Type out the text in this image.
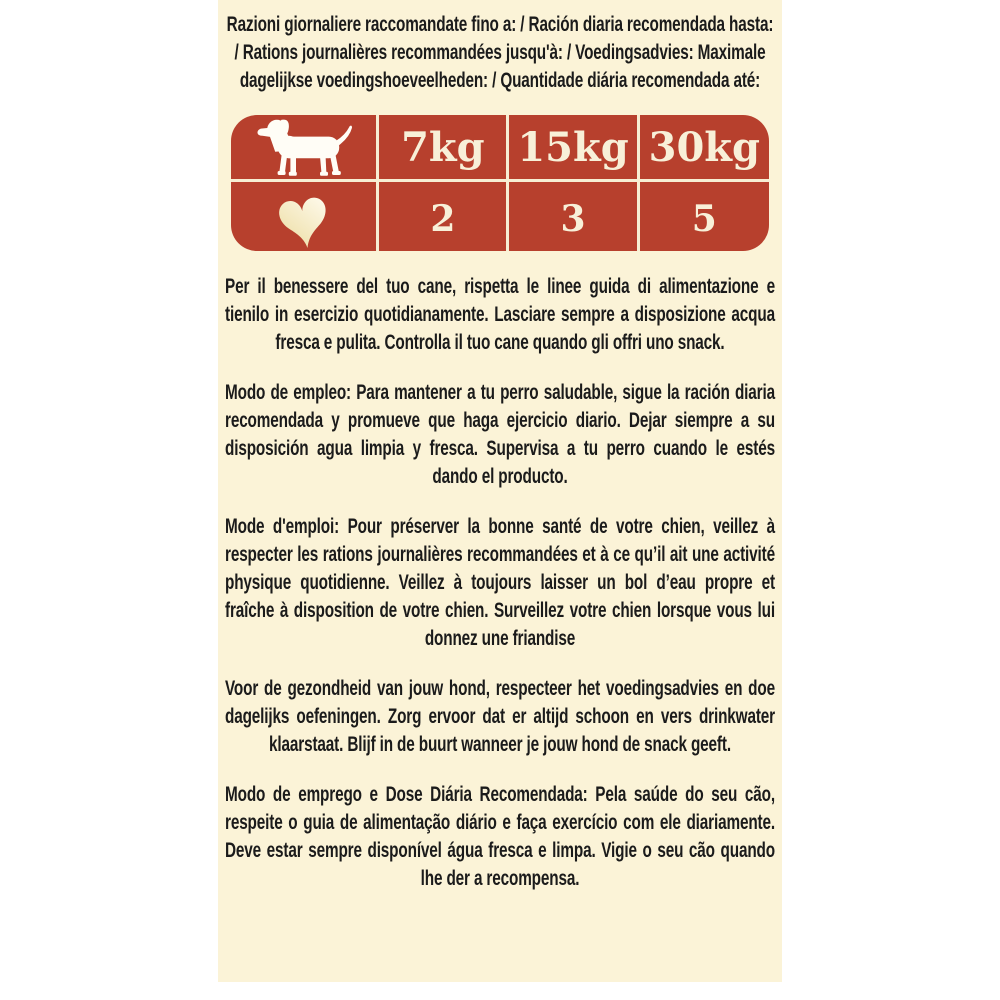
Razioni giornaliere raccomandate fino a: / Ración diaria recomendada hasta: / Rations journalières recommandées jusqu'à: / Voedingsadvies: Maximale dagelijkse voedingshoeveelheden: / Quantidade diária recomendada até:
7kg 15kg 30kg
2	3	5
Per il benessere del tuo cane, rispetta le linee guida di alimentazione e tienilo in esercizio quotidianamente. Lasciare sempre a disposizione acqua fresca e pulita. Controlla il tuo cane quando gli offri uno snack.
Modo de empleo: Para mantener a tu perro saludable, sigue la ración diaria recomendada y promueve que haga ejercicio diario. Dejar siempre a su disposición agua limpia y fresca. Supervisa a tu perro cuando le estés dando el producto.
Mode d'emploi: Pour préserver la bonne santé de votre chien, veillez à respecter les rations journalières recommandées et à ce qu’il ait une activité physique quotidienne. Veillez à toujours laisser un bol d’eau propre et fraîche à disposition de votre chien. Surveillez votre chien lorsque vous lui donnez une friandise
Voor de gezondheid van jouw hond, respecteer het voedingsadvies en doe dagelijks oefeningen. Zorg ervoor dat er altijd schoon en vers drinkwater klaarstaat. Blijf in de buurt wanneer je jouw hond de snack geeft.
Modo de emprego e Dose Diária Recomendada: Pela saúde do seu cão, respeite o guia de alimentação diário e faça exercício com ele diariamente. Deve estar sempre disponível água fresca e limpa. Vigie o seu cão quando lhe der a recompensa.
